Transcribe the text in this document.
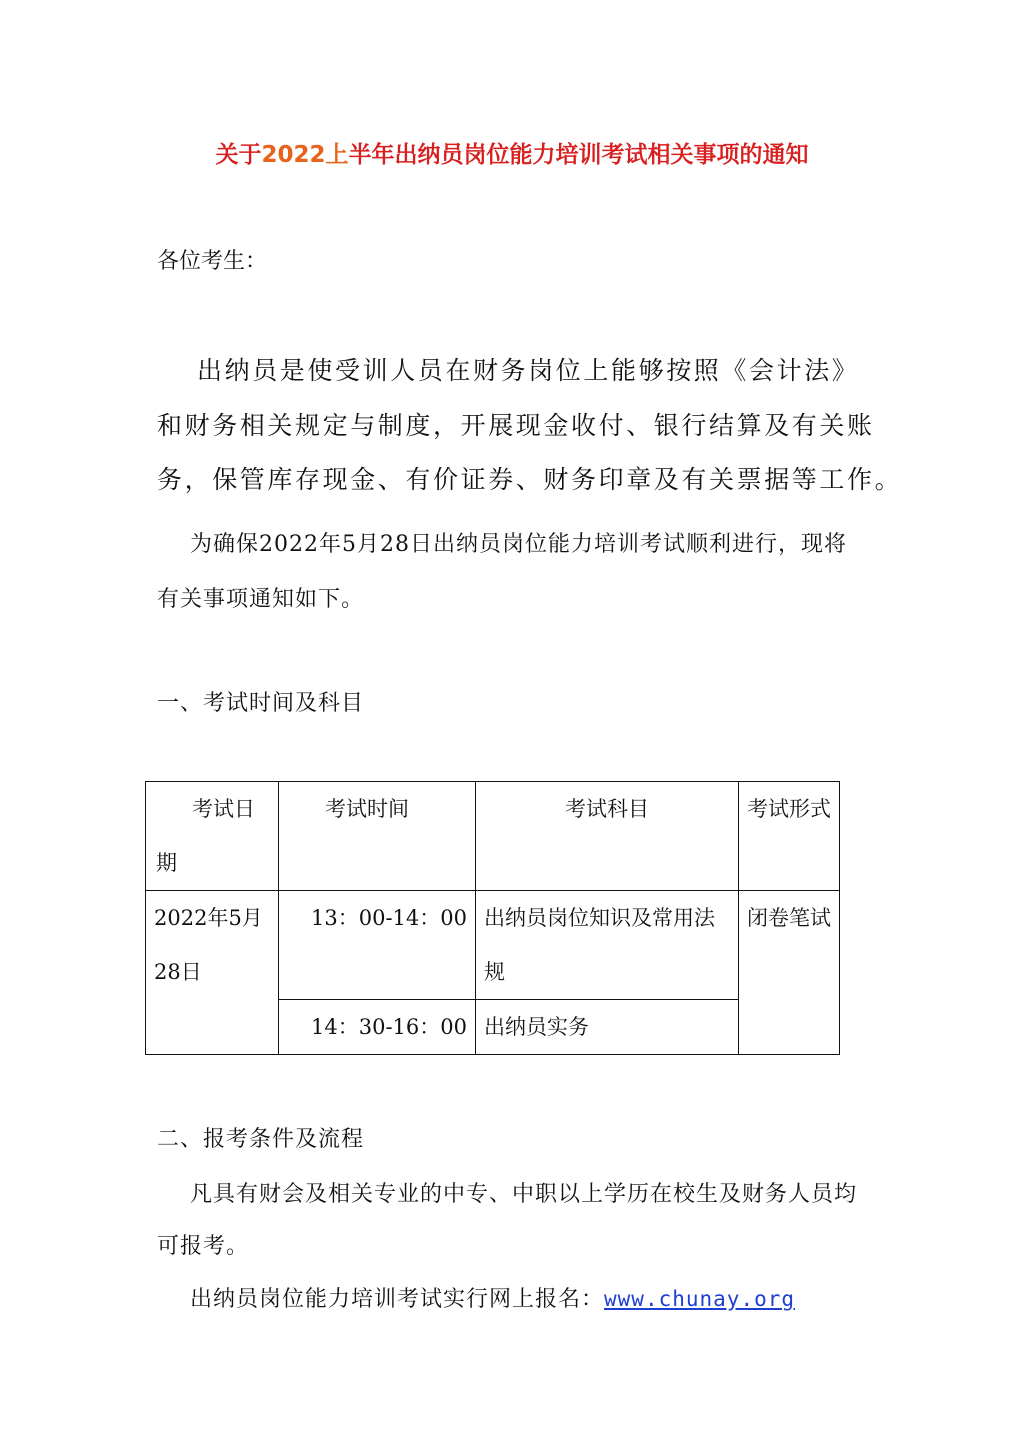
关于2022上半年出纳员岗位能力培训考试相关事项的通知
各位考生：
出纳员是使受训人员在财务岗位上能够按照《会计法》
和财务相关规定与制度，开展现金收付、银行结算及有关账
务，保管库存现金、有价证券、财务印章及有关票据等工作。
为确保2022年5月28日出纳员岗位能力培训考试顺利进行，现将
有关事项通知如下。
一、考试时间及科目
考试日期	考试时间	考试科目	考试形式
2022年5月28日	13：00-14：00	出纳员岗位知识及常用法规	闭卷笔试
	14：30-16：00	出纳员实务	
二、报考条件及流程
凡具有财会及相关专业的中专、中职以上学历在校生及财务人员均
可报考。
出纳员岗位能力培训考试实行网上报名：www.chunay.org
